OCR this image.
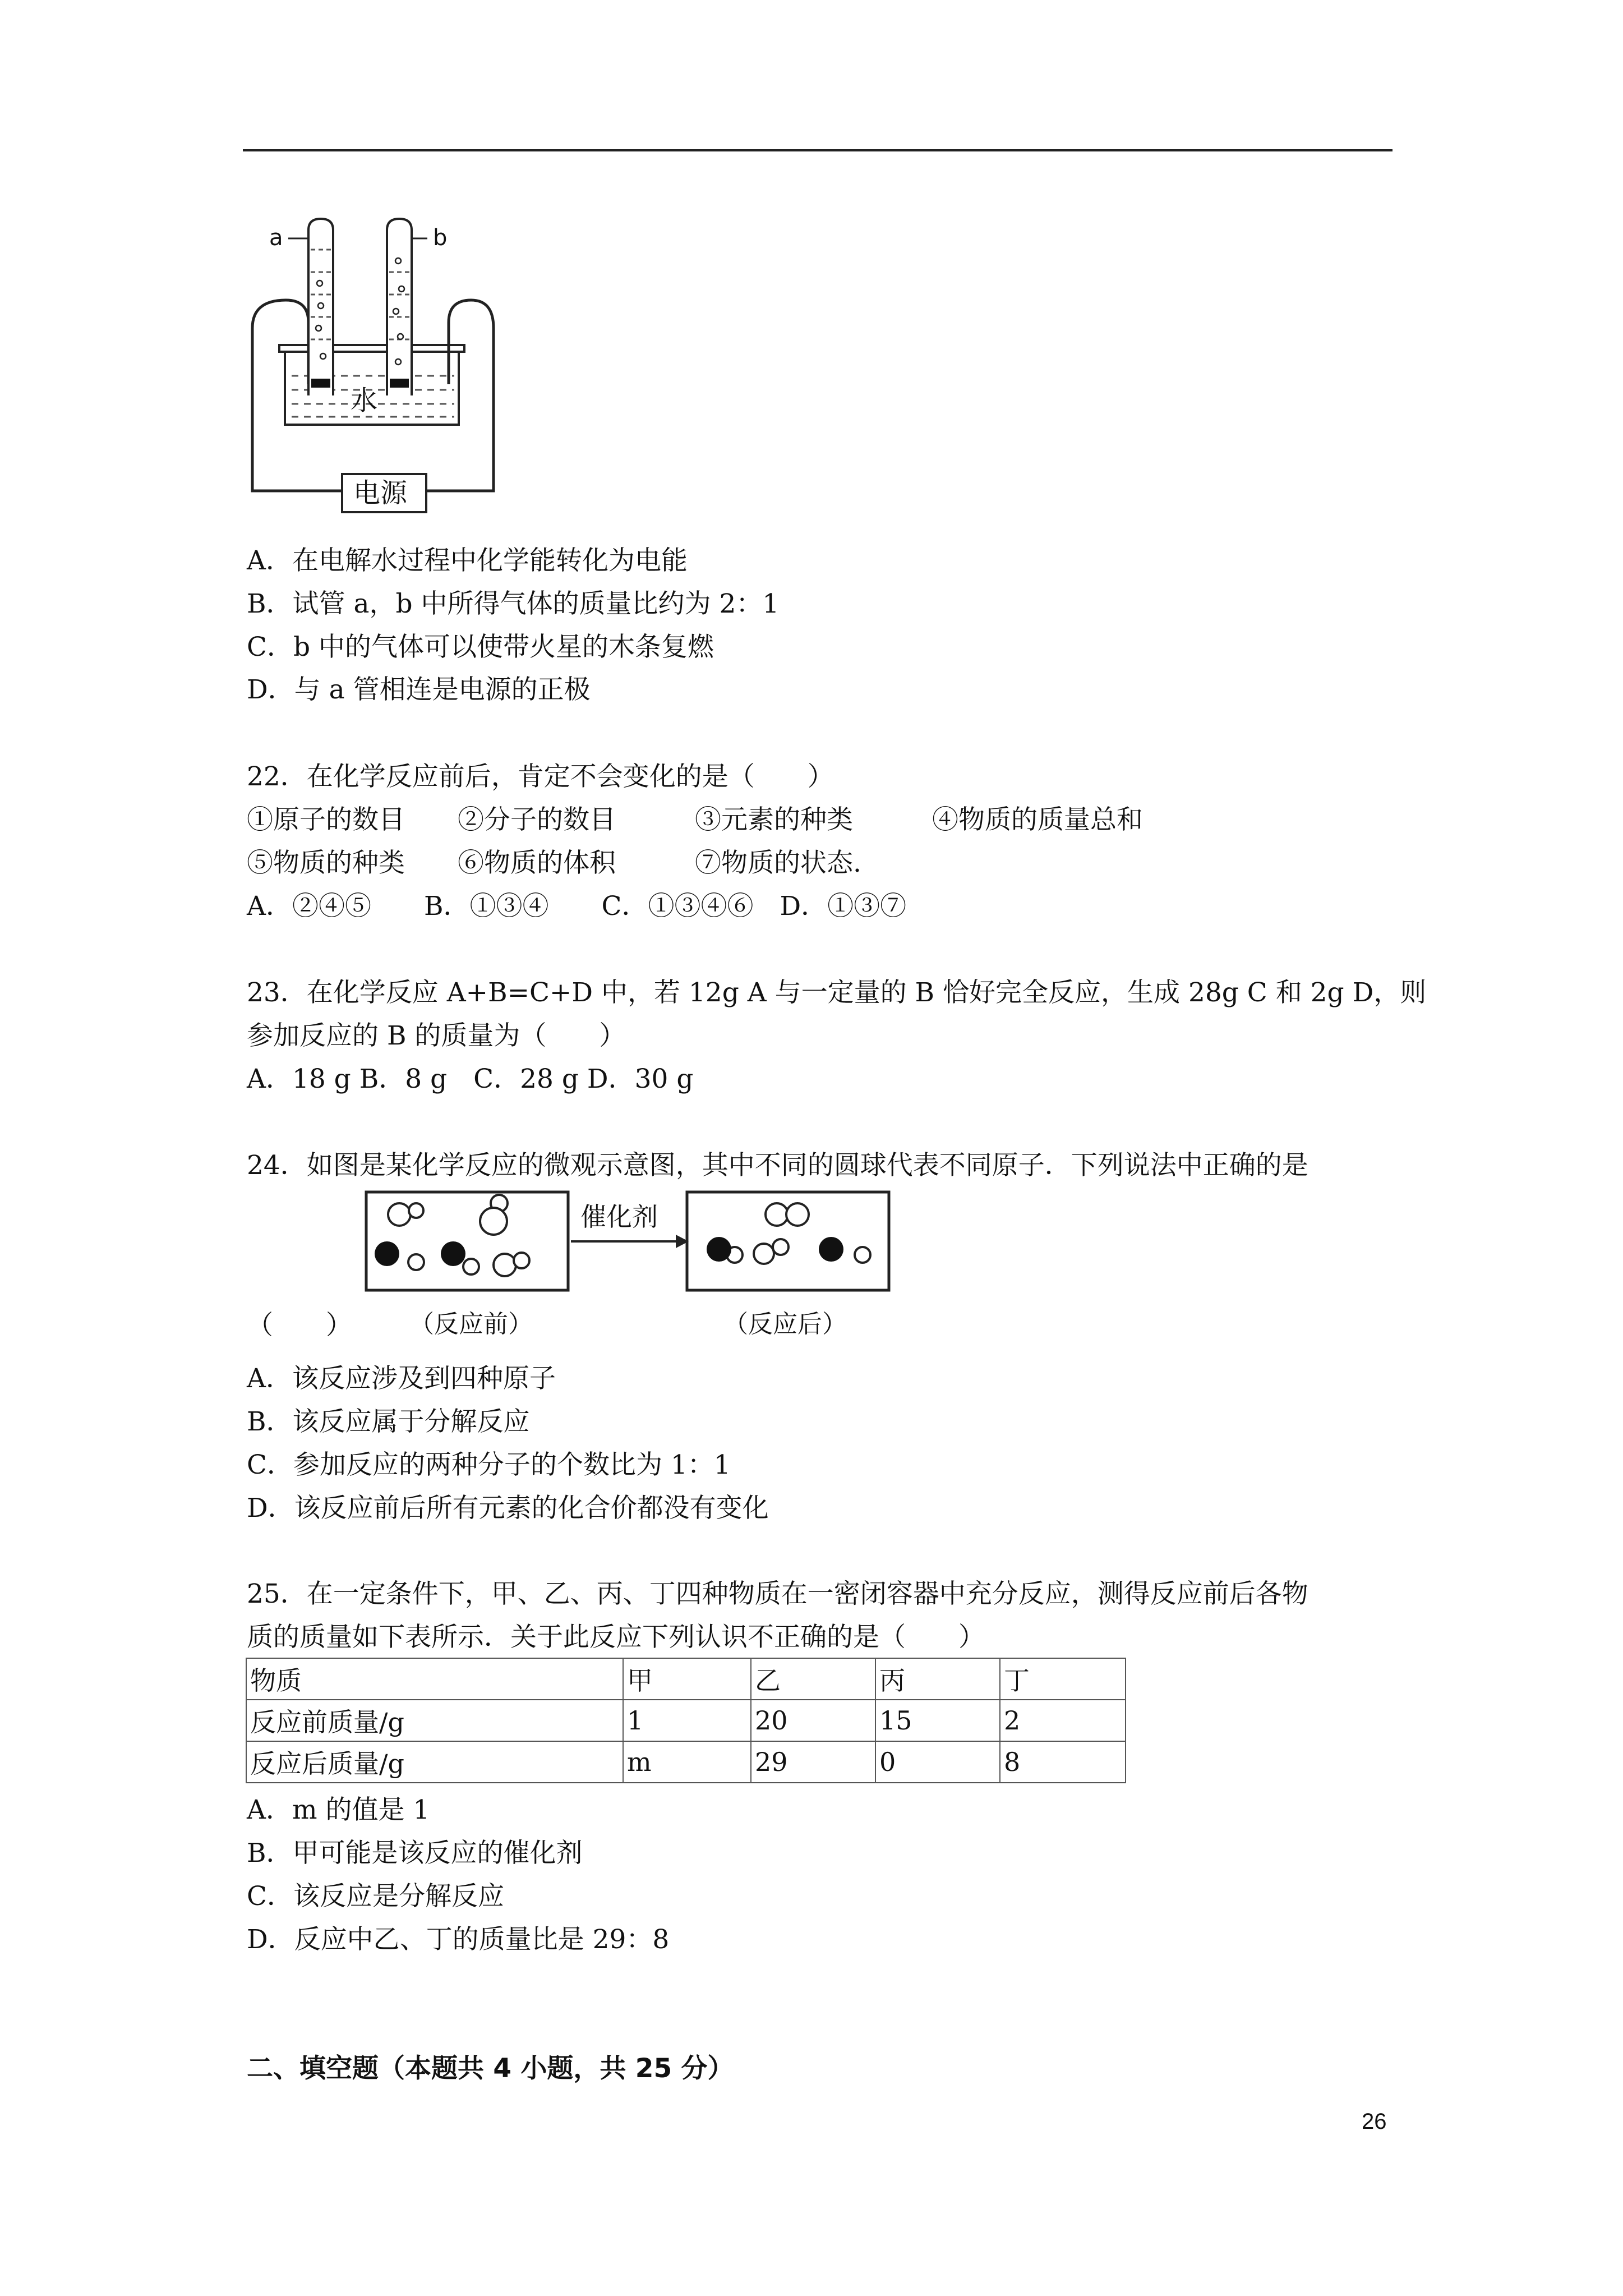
a	b
水
电源
A．在电解水过程中化学能转化为电能
B．试管 a，b 中所得气体的质量比约为 2：1
C．b 中的气体可以使带火星的木条复燃
D．与 a 管相连是电源的正极
22．在化学反应前后，肯定不会变化的是（　　）
①原子的数目　　②分子的数目　　　③元素的种类　　　④物质的质量总和
⑤物质的种类　　⑥物质的体积　　　⑦物质的状态.
A．②④⑤　　B．①③④　　C．①③④⑥　D．①③⑦
23．在化学反应 A+B=C+D 中，若 12g A 与一定量的 B 恰好完全反应，生成 28g C 和 2g D，则
参加反应的 B 的质量为（　　）
A．18 g B．8 g　C．28 g D．30 g
24．如图是某化学反应的微观示意图，其中不同的圆球代表不同原子．下列说法中正确的是
催化剂
（反应前）	（反应后）
（　　）
A．该反应涉及到四种原子
B．该反应属于分解反应
C．参加反应的两种分子的个数比为 1：1
D．该反应前后所有元素的化合价都没有变化
25．在一定条件下，甲、乙、丙、丁四种物质在一密闭容器中充分反应，测得反应前后各物
质的质量如下表所示．关于此反应下列认识不正确的是（　　）
物质	甲	乙	丙	丁
反应前质量/g	1	20	15	2
反应后质量/g	m	29	0	8
A．m 的值是 1
B．甲可能是该反应的催化剂
C．该反应是分解反应
D．反应中乙、丁的质量比是 29：8
二、填空题（本题共 4 小题，共 25 分）
26
